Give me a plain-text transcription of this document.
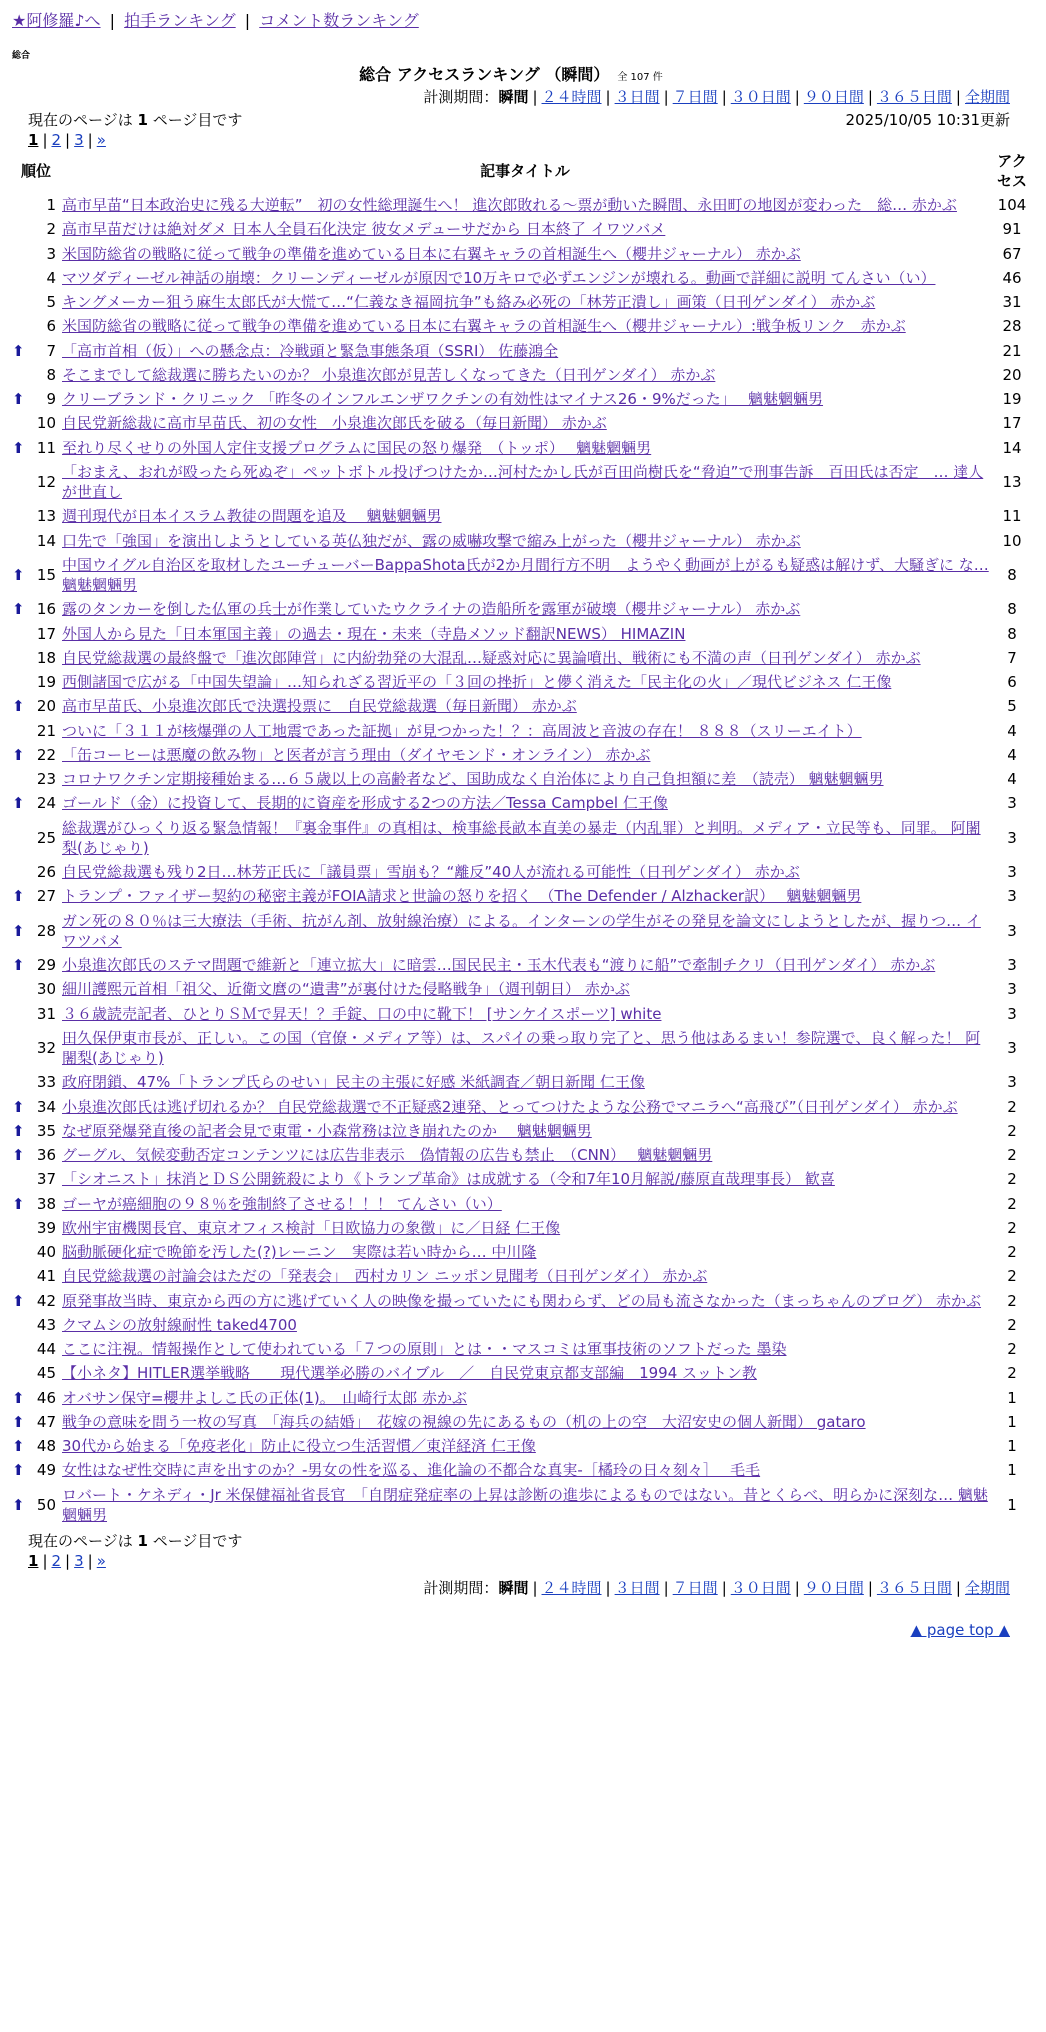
★阿修羅♪へ | 拍手ランキング | コメント数ランキング
総合
総合 アクセスランキング （瞬間） 全 107 件
計測期間：瞬間 | ２４時間 | ３日間 | ７日間 | ３０日間 | ９０日間 | ３６５日間 | 全期間
現在のページは 1 ページ目です	2025/10/05 10:31更新
1 | 2 | 3 | »
順位		記事タイトル	アクセス
	1	高市早苗“日本政治史に残る大逆転”　初の女性総理誕生へ！ 進次郎敗れる〜票が動いた瞬間、永田町の地図が変わった　総… 赤かぶ	104
	2	高市早苗だけは絶対ダメ 日本人全員石化決定 彼女メデューサだから 日本終了 イワツバメ	91
	3	米国防総省の戦略に従って戦争の準備を進めている日本に右翼キャラの首相誕生へ（櫻井ジャーナル） 赤かぶ	67
	4	マツダディーゼル神話の崩壊：クリーンディーゼルが原因で10万キロで必ずエンジンが壊れる。動画で詳細に説明 てんさい（い）	46
	5	キングメーカー狙う麻生太郎氏が大慌て…“仁義なき福岡抗争”も絡み必死の「林芳正潰し」画策（日刊ゲンダイ） 赤かぶ	31
	6	米国防総省の戦略に従って戦争の準備を進めている日本に右翼キャラの首相誕生へ（櫻井ジャーナル）:戦争板リンク　赤かぶ	28
⬆	7	「高市首相（仮）」への懸念点：冷戦頭と緊急事態条項（SSRI） 佐藤鴻全	21
	8	そこまでして総裁選に勝ちたいのか？ 小泉進次郎が見苦しくなってきた（日刊ゲンダイ） 赤かぶ	20
⬆	9	クリーブランド・クリニック 「昨冬のインフルエンザワクチンの有効性はマイナス26・9%だった」　 魑魅魍魎男	19
	10	自民党新総裁に高市早苗氏、初の女性　小泉進次郎氏を破る（毎日新聞） 赤かぶ	17
⬆	11	至れり尽くせりの外国人定住支援プログラムに国民の怒り爆発　（トッポ）　 魑魅魍魎男	14
	12	「おまえ、おれが殴ったら死ぬぞ」ペットボトル投げつけたか…河村たかし氏が百田尚樹氏を“脅迫”で刑事告訴　百田氏は否定　… 達人が世直し	13
	13	週刊現代が日本イスラム教徒の問題を追及　 魑魅魍魎男	11
	14	口先で「強国」を演出しようとしている英仏独だが、露の威嚇攻撃で縮み上がった（櫻井ジャーナル） 赤かぶ	10
⬆	15	中国ウイグル自治区を取材したユーチューバーBappaShota氏が2か月間行方不明　ようやく動画が上がるも疑惑は解けず、大騒ぎに な… 魑魅魍魎男	8
⬆	16	露のタンカーを倒した仏軍の兵士が作業していたウクライナの造船所を露軍が破壊（櫻井ジャーナル） 赤かぶ	8
	17	外国人から見た「日本軍国主義」の過去・現在・未来（寺島メソッド翻訳NEWS） HIMAZIN	8
	18	自民党総裁選の最終盤で「進次郎陣営」に内紛勃発の大混乱…疑惑対応に異論噴出、戦術にも不満の声（日刊ゲンダイ） 赤かぶ	7
	19	西側諸国で広がる「中国失望論」…知られざる習近平の「３回の挫折」と儚く消えた「民主化の火」／現代ビジネス 仁王像	6
⬆	20	高市早苗氏、小泉進次郎氏で決選投票に　自民党総裁選（毎日新聞） 赤かぶ	5
	21	ついに「３１１が核爆弾の人工地震であった証拠」が見つかった！？：高周波と音波の存在！ ８８８（スリーエイト）	4
⬆	22	「缶コーヒーは悪魔の飲み物」と医者が言う理由（ダイヤモンド・オンライン） 赤かぶ	4
	23	コロナワクチン定期接種始まる…６５歳以上の高齢者など、国助成なく自治体により自己負担額に差　（読売） 魑魅魍魎男	4
⬆	24	ゴールド（金）に投資して、長期的に資産を形成する2つの方法／Tessa Campbel 仁王像	3
	25	総裁選がひっくり返る緊急情報！『裏金事件』の真相は、検事総長畝本直美の暴走（内乱罪）と判明。メディア・立民等も、同罪。 阿闍梨(あじゃり)	3
	26	自民党総裁選も残り2日…林芳正氏に「議員票」雪崩も？“離反”40人が流れる可能性（日刊ゲンダイ） 赤かぶ	3
⬆	27	トランプ・ファイザー契約の秘密主義がFOIA請求と世論の怒りを招く　（The Defender / Alzhacker訳）　 魑魅魍魎男	3
⬆	28	ガン死の８０％は三大療法（手術、抗がん剤、放射線治療）による。インターンの学生がその発見を論文にしようとしたが、握りつ… イワツバメ	3
⬆	29	小泉進次郎氏のステマ問題で維新と「連立拡大」に暗雲…国民民主・玉木代表も“渡りに船”で牽制チクリ（日刊ゲンダイ） 赤かぶ	3
	30	細川護熙元首相「祖父、近衛文麿の“遺書”が裏付けた侵略戦争」（週刊朝日） 赤かぶ	3
	31	３６歳読売記者、ひとりＳＭで昇天！？手錠、口の中に靴下！ [サンケイスポーツ] white	3
	32	田久保伊東市長が、正しい。この国（官僚・メディア等）は、スパイの乗っ取り完了と、思う他はあるまい！参院選で、良く解った！ 阿闍梨(あじゃり)	3
	33	政府閉鎖、47%「トランプ氏らのせい」民主の主張に好感 米紙調査／朝日新聞 仁王像	3
⬆	34	小泉進次郎氏は逃げ切れるか？ 自民党総裁選で不正疑惑2連発、とってつけたような公務でマニラへ“高飛び”（日刊ゲンダイ） 赤かぶ	2
⬆	35	なぜ原発爆発直後の記者会見で東電・小森常務は泣き崩れたのか　 魑魅魍魎男	2
⬆	36	グーグル、気候変動否定コンテンツには広告非表示　偽情報の広告も禁止　（CNN）　 魑魅魍魎男	2
	37	「シオニスト」抹消とＤＳ公開銃殺により《トランプ革命》は成就する（令和7年10月解説/藤原直哉理事長） 歓喜	2
⬆	38	ゴーヤが癌細胞の９８％を強制終了させる！！！ てんさい（い）	2
	39	欧州宇宙機関長官、東京オフィス検討「日欧協力の象徴」に／日経 仁王像	2
	40	脳動脈硬化症で晩節を汚した(?)レーニン　実際は若い時から… 中川隆	2
	41	自民党総裁選の討論会はただの「発表会」　西村カリン ニッポン見聞考（日刊ゲンダイ） 赤かぶ	2
⬆	42	原発事故当時、東京から西の方に逃げていく人の映像を撮っていたにも関わらず、どの局も流さなかった（まっちゃんのブログ） 赤かぶ	2
	43	クマムシの放射線耐性 taked4700	2
	44	ここに注視。情報操作として使われている「７つの原則」とは・・マスコミは軍事技術のソフトだった 墨染	2
	45	【小ネタ】HITLER選挙戦略　　現代選挙必勝のバイブル　／　自民党東京都支部編　1994 スットン教	2
⬆	46	オバサン保守=櫻井よしこ氏の正体(1)。　山崎行太郎 赤かぶ	1
⬆	47	戦争の意味を問う一枚の写真　「海兵の結婚」　花嫁の視線の先にあるもの（机の上の空　大沼安史の個人新聞） gataro	1
⬆	48	30代から始まる「免疫老化」防止に役立つ生活習慣／東洋経済 仁王像	1
⬆	49	女性はなぜ性交時に声を出すのか？-男女の性を巡る、進化論の不都合な真実-［橘玲の日々刻々］　 毛毛	1
⬆	50	ロバート・ケネディ・Jr 米保健福祉省長官　「自閉症発症率の上昇は診断の進歩によるものではない。昔とくらべ、明らかに深刻な… 魑魅魍魎男	1
現在のページは 1 ページ目です
1 | 2 | 3 | »
計測期間：瞬間 | ２４時間 | ３日間 | ７日間 | ３０日間 | ９０日間 | ３６５日間 | 全期間
▲ page top ▲
